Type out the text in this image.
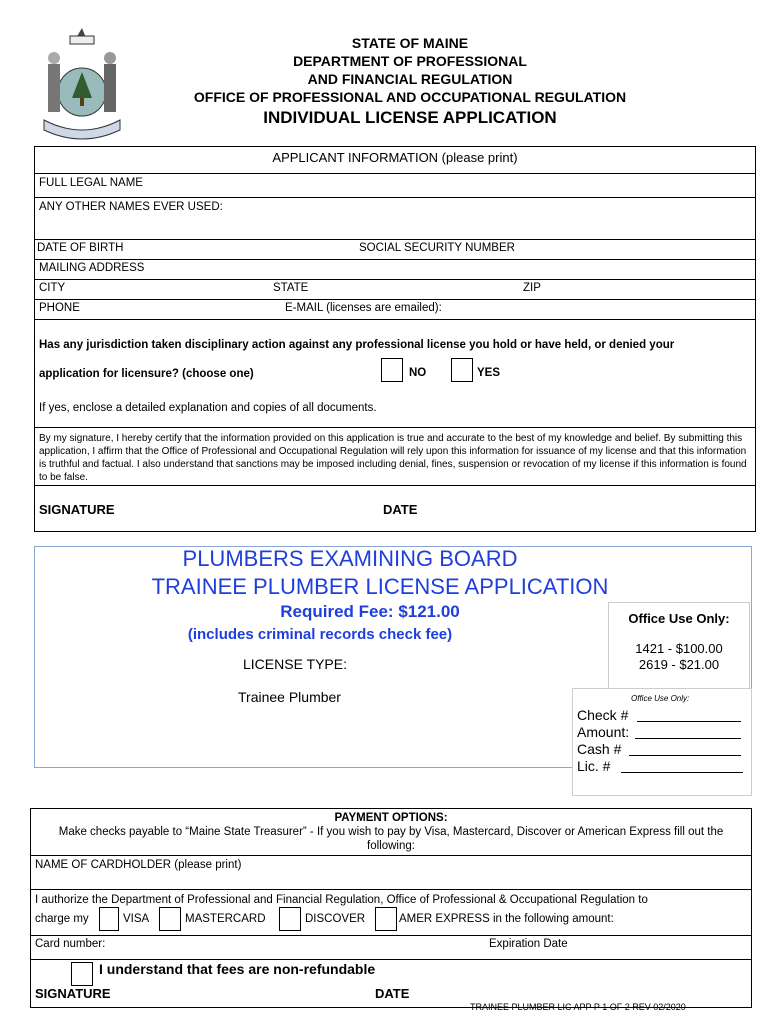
STATE OF MAINE
DEPARTMENT OF PROFESSIONAL
AND FINANCIAL REGULATION
OFFICE OF PROFESSIONAL AND OCCUPATIONAL REGULATION
INDIVIDUAL LICENSE APPLICATION
APPLICANT INFORMATION (please print)
FULL LEGAL NAME
ANY OTHER NAMES EVER USED:
DATE OF BIRTH	SOCIAL SECURITY NUMBER
MAILING ADDRESS
CITY	STATE	ZIP
PHONE	E-MAIL (licenses are emailed):
Has any jurisdiction taken disciplinary action against any professional license you hold or have held, or denied your
application for licensure? (choose one)	NO	YES
If yes, enclose a detailed explanation and copies of all documents.
By my signature, I hereby certify that the information provided on this application is true and accurate to the best of my knowledge and belief. By submitting this application, I affirm that the Office of Professional and Occupational Regulation will rely upon this information for issuance of my license and that this information is truthful and factual. I also understand that sanctions may be imposed including denial, fines, suspension or revocation of my license if this information is found to be false.
SIGNATURE	DATE
PLUMBERS EXAMINING BOARD
TRAINEE PLUMBER LICENSE APPLICATION
Required Fee: $121.00
(includes criminal records check fee)
LICENSE TYPE:
Trainee Plumber
Office Use Only:
1421 - $100.00
2619 - $21.00
Office Use Only:
Check #
Amount:
Cash #
Lic. #
PAYMENT OPTIONS:
Make checks payable to “Maine State Treasurer” - If you wish to pay by Visa, Mastercard, Discover or American Express fill out the following:
NAME OF CARDHOLDER (please print)
I authorize the Department of Professional and Financial Regulation, Office of Professional & Occupational Regulation to
charge my	VISA	MASTERCARD	DISCOVER	AMER EXPRESS in the following amount:
Card number:	Expiration Date
I understand that fees are non-refundable
SIGNATURE	DATE
TRAINEE PLUMBER LIC APP P 1 OF 2 REV 02/2020
